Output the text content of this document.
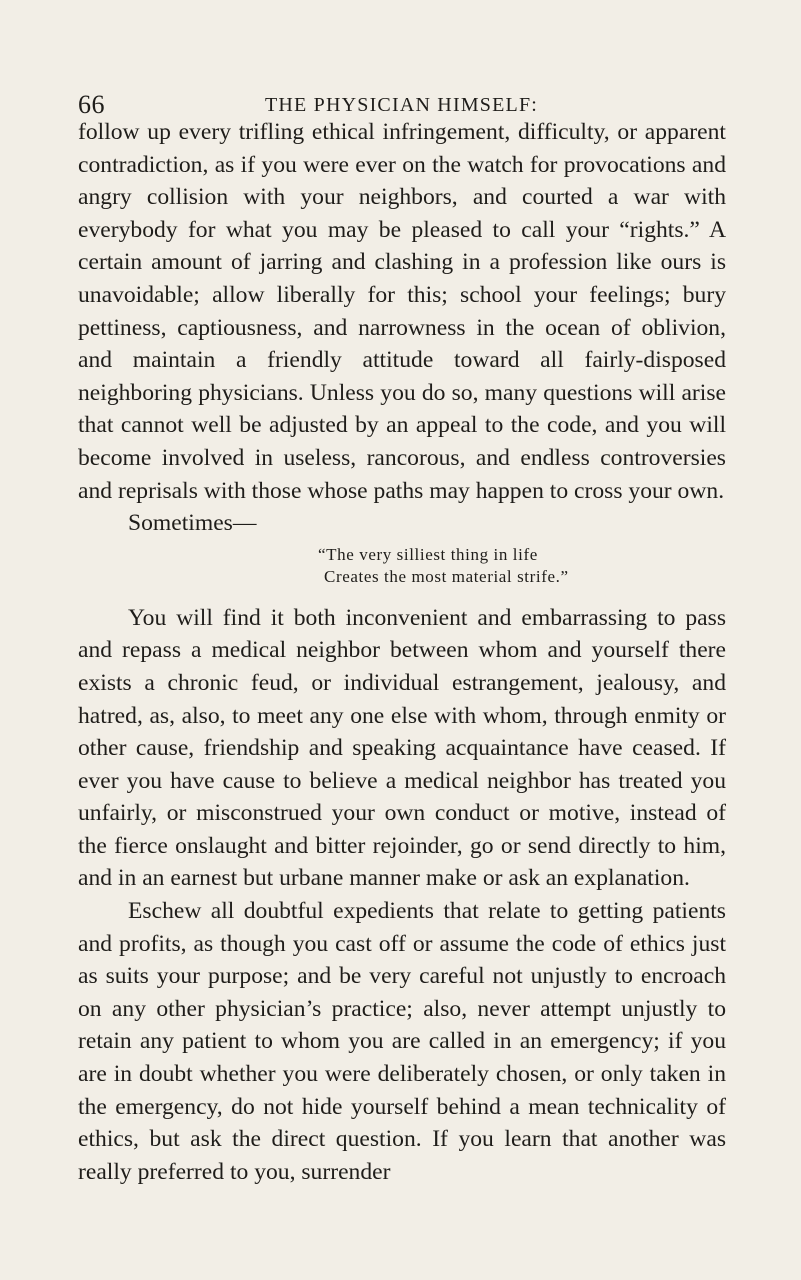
66	THE PHYSICIAN HIMSELF:

follow up every trifling ethical infringement, difficulty, or apparent contradiction, as if you were ever on the watch for provocations and angry collision with your neighbors, and courted a war with everybody for what you may be pleased to call your “rights.” A certain amount of jarring and clashing in a profession like ours is unavoidable; allow liberally for this; school your feelings; bury pettiness, captiousness, and narrowness in the ocean of oblivion, and maintain a friendly attitude toward all fairly-disposed neighboring physicians. Unless you do so, many questions will arise that cannot well be adjusted by an appeal to the code, and you will become involved in useless, rancorous, and endless controversies and reprisals with those whose paths may happen to cross your own.

Sometimes—

“The very silliest thing in life
Creates the most material strife.”

You will find it both inconvenient and embarrassing to pass and repass a medical neighbor between whom and yourself there exists a chronic feud, or individual estrangement, jealousy, and hatred, as, also, to meet any one else with whom, through enmity or other cause, friendship and speaking acquaintance have ceased. If ever you have cause to believe a medical neighbor has treated you unfairly, or misconstrued your own conduct or motive, instead of the fierce onslaught and bitter rejoinder, go or send directly to him, and in an earnest but urbane manner make or ask an explanation.

Eschew all doubtful expedients that relate to getting patients and profits, as though you cast off or assume the code of ethics just as suits your purpose; and be very careful not unjustly to encroach on any other physician’s practice; also, never attempt unjustly to retain any patient to whom you are called in an emergency; if you are in doubt whether you were deliberately chosen, or only taken in the emergency, do not hide yourself behind a mean technicality of ethics, but ask the direct question. If you learn that another was really preferred to you, surrender
